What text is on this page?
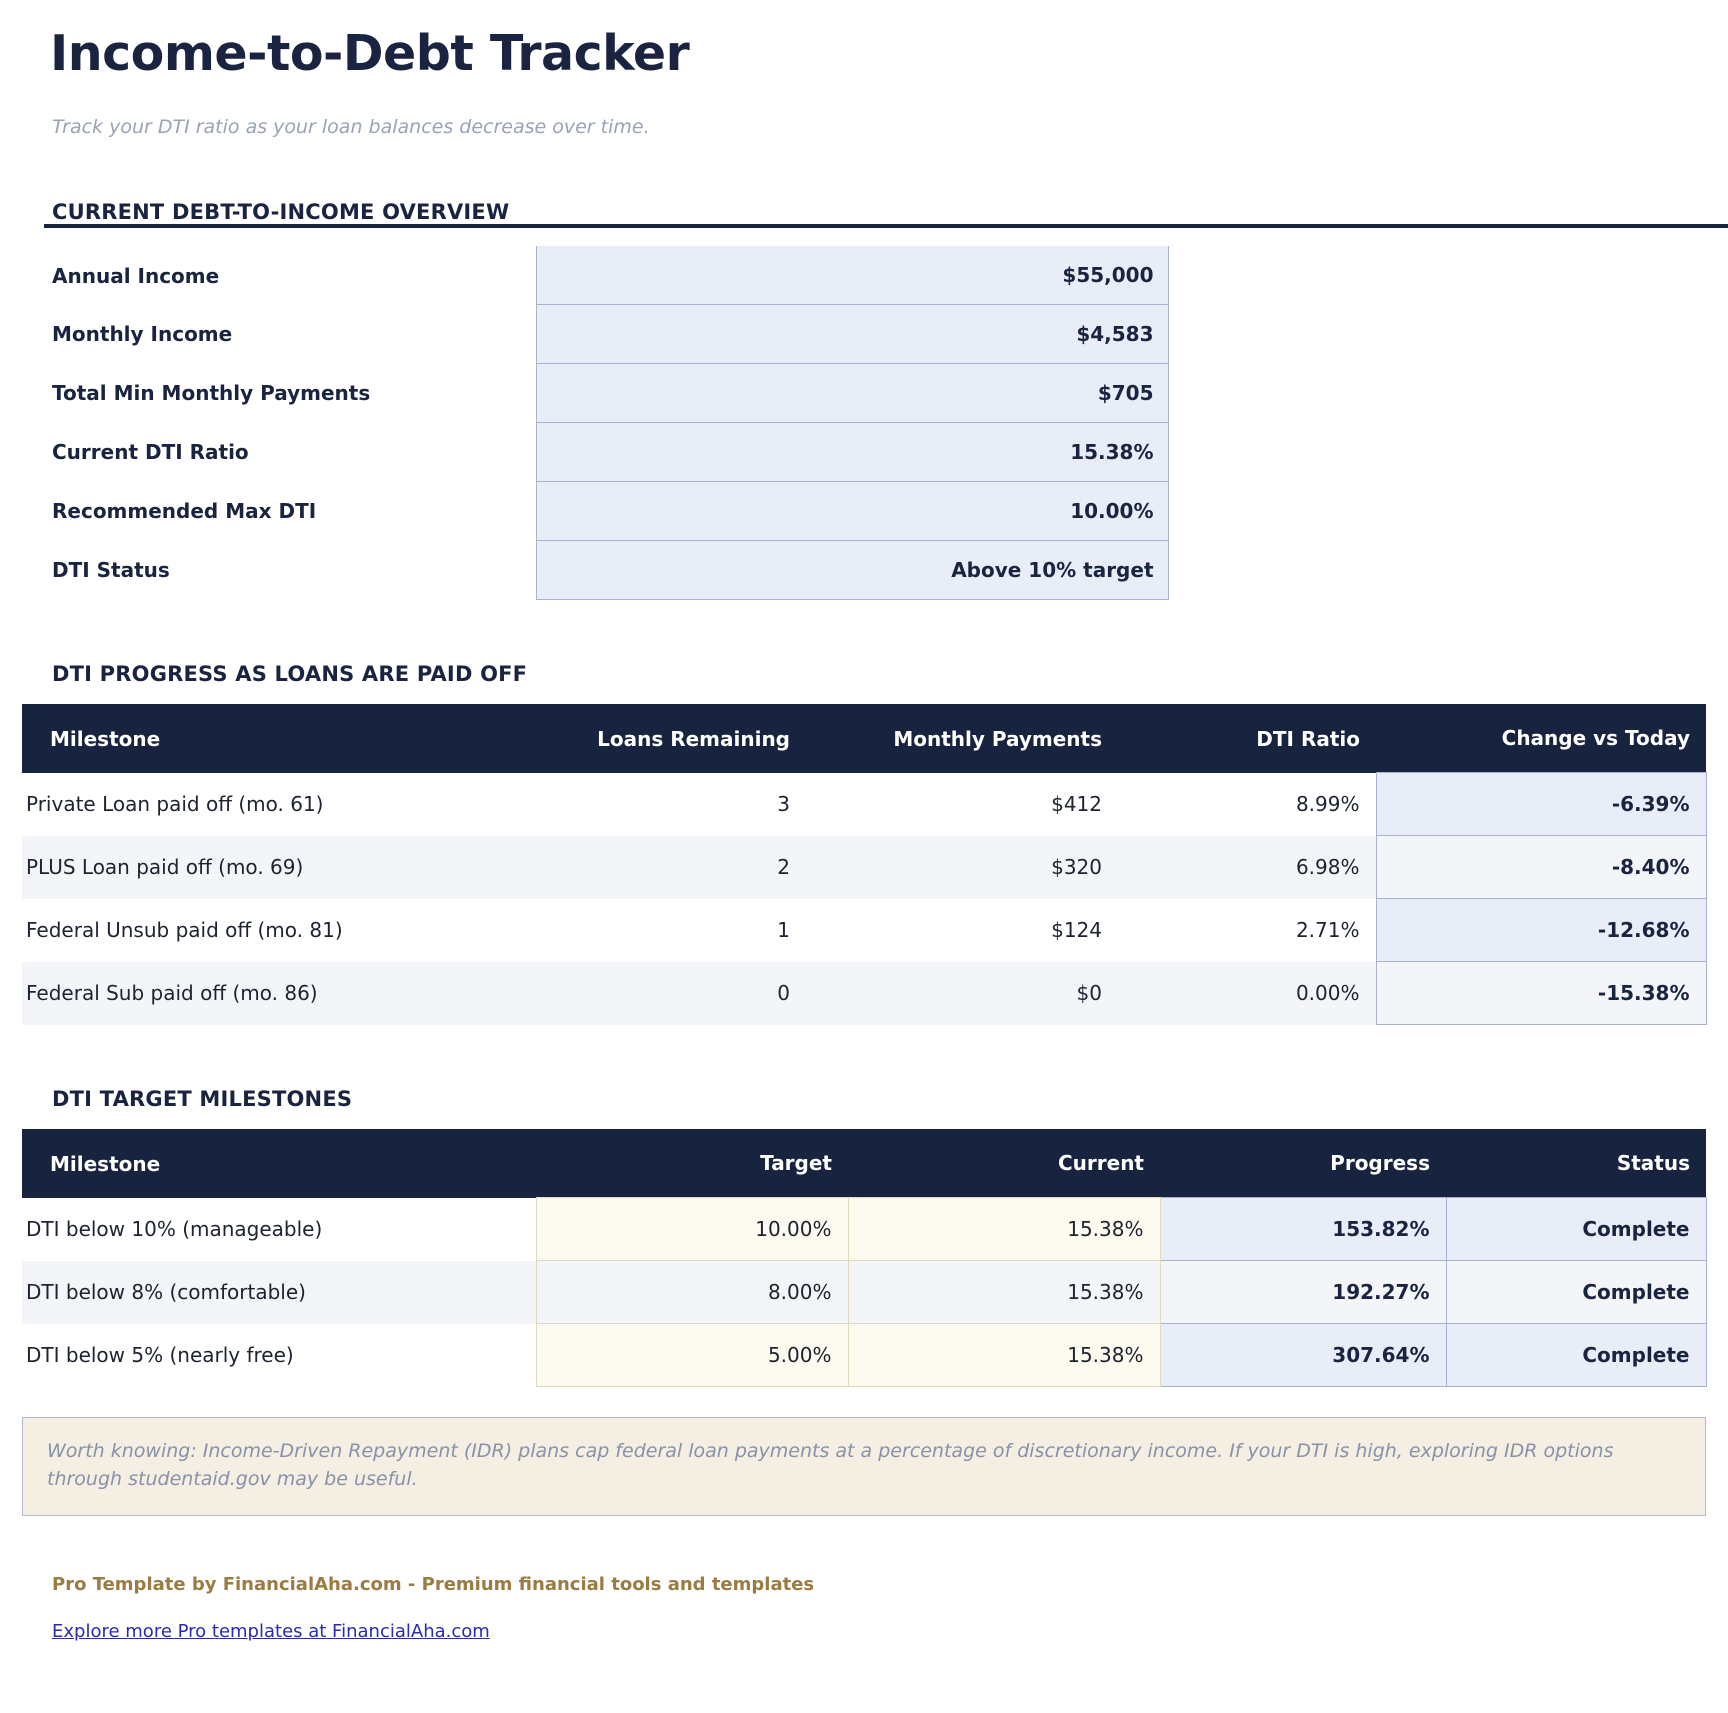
Income-to-Debt Tracker
Track your DTI ratio as your loan balances decrease over time.
CURRENT DEBT-TO-INCOME OVERVIEW
Annual Income	$55,000	
Monthly Income	$4,583	
Total Min Monthly Payments	$705	
Current DTI Ratio	15.38%	
Recommended Max DTI	10.00%	
DTI Status	Above 10% target	
DTI PROGRESS AS LOANS ARE PAID OFF
Milestone	Loans Remaining	Monthly Payments	DTI Ratio	Change vs Today
Private Loan paid off (mo. 61)	3	$412	8.99%	-6.39%
PLUS Loan paid off (mo. 69)	2	$320	6.98%	-8.40%
Federal Unsub paid off (mo. 81)	1	$124	2.71%	-12.68%
Federal Sub paid off (mo. 86)	0	$0	0.00%	-15.38%
DTI TARGET MILESTONES
Milestone	Target	Current	Progress	Status
DTI below 10% (manageable)	10.00%	15.38%	153.82%	Complete
DTI below 8% (comfortable)	8.00%	15.38%	192.27%	Complete
DTI below 5% (nearly free)	5.00%	15.38%	307.64%	Complete
Worth knowing: Income-Driven Repayment (IDR) plans cap federal loan payments at a percentage of discretionary income. If your DTI is high, exploring IDR options through studentaid.gov may be useful.
Pro Template by FinancialAha.com - Premium financial tools and templates
Explore more Pro templates at FinancialAha.com
